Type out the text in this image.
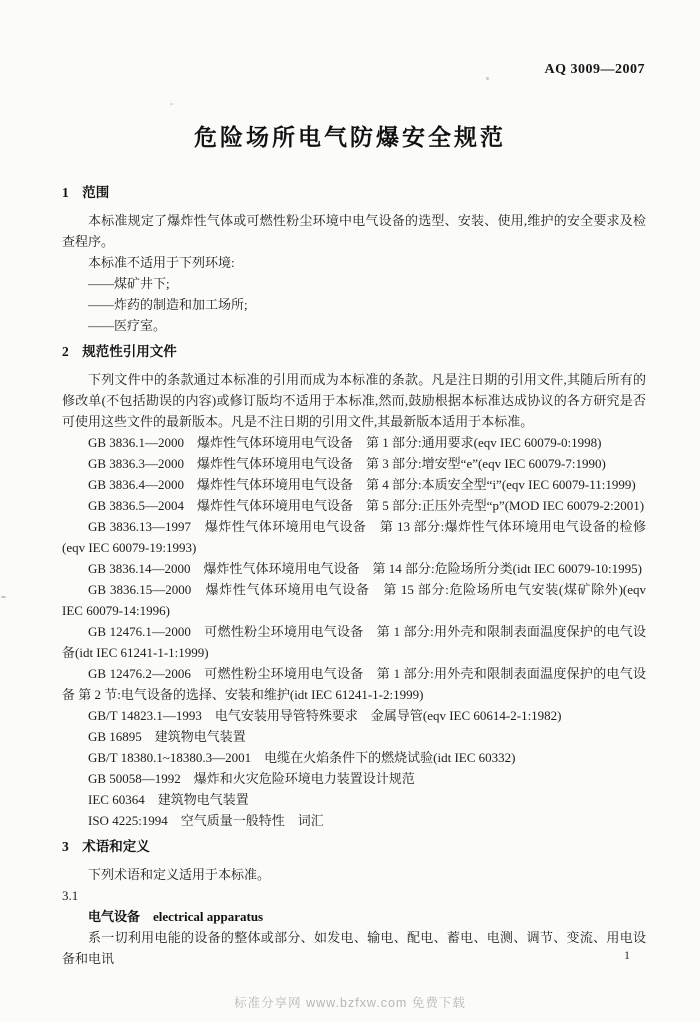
AQ 3009—2007
危险场所电气防爆安全规范
1　范围

本标准规定了爆炸性气体或可燃性粉尘环境中电气设备的选型、安装、使用,维护的安全要求及检查程序。

本标准不适用于下列环境:

——煤矿井下;

——炸药的制造和加工场所;

——医疗室。

2　规范性引用文件

下列文件中的条款通过本标准的引用而成为本标准的条款。凡是注日期的引用文件,其随后所有的修改单(不包括勘误的内容)或修订版均不适用于本标准,然而,鼓励根据本标准达成协议的各方研究是否可使用这些文件的最新版本。凡是不注日期的引用文件,其最新版本适用于本标准。

GB 3836.1—2000　爆炸性气体环境用电气设备　第 1 部分:通用要求(eqv IEC 60079-0:1998)

GB 3836.3—2000　爆炸性气体环境用电气设备　第 3 部分:增安型“e”(eqv IEC 60079-7:1990)

GB 3836.4—2000　爆炸性气体环境用电气设备　第 4 部分:本质安全型“i”(eqv IEC 60079-11:1999)

GB 3836.5—2004　爆炸性气体环境用电气设备　第 5 部分:正压外壳型“p”(MOD IEC 60079-2:2001)

GB 3836.13—1997　爆炸性气体环境用电气设备　第 13 部分:爆炸性气体环境用电气设备的检修(eqv IEC 60079-19:1993)

GB 3836.14—2000　爆炸性气体环境用电气设备　第 14 部分:危险场所分类(idt IEC 60079-10:1995)

GB 3836.15—2000　爆炸性气体环境用电气设备　第 15 部分:危险场所电气安装(煤矿除外)(eqv IEC 60079-14:1996)

GB 12476.1—2000　可燃性粉尘环境用电气设备　第 1 部分:用外壳和限制表面温度保护的电气设备(idt IEC 61241-1-1:1999)

GB 12476.2—2006　可燃性粉尘环境用电气设备　第 1 部分:用外壳和限制表面温度保护的电气设备 第 2 节:电气设备的选择、安装和维护(idt IEC 61241-1-2:1999)

GB/T 14823.1—1993　电气安装用导管特殊要求　金属导管(eqv IEC 60614-2-1:1982)

GB 16895　建筑物电气装置

GB/T 18380.1~18380.3—2001　电缆在火焰条件下的燃烧试验(idt IEC 60332)

GB 50058—1992　爆炸和火灾危险环境电力装置设计规范

IEC 60364　建筑物电气装置

ISO 4225:1994　空气质量一般特性　词汇

3　术语和定义

下列术语和定义适用于本标准。

3.1

电气设备　electrical apparatus

系一切利用电能的设备的整体或部分、如发电、输电、配电、蓄电、电测、调节、变流、用电设备和电讯	1
标准分享网 www.bzfxw.com 免费下载
